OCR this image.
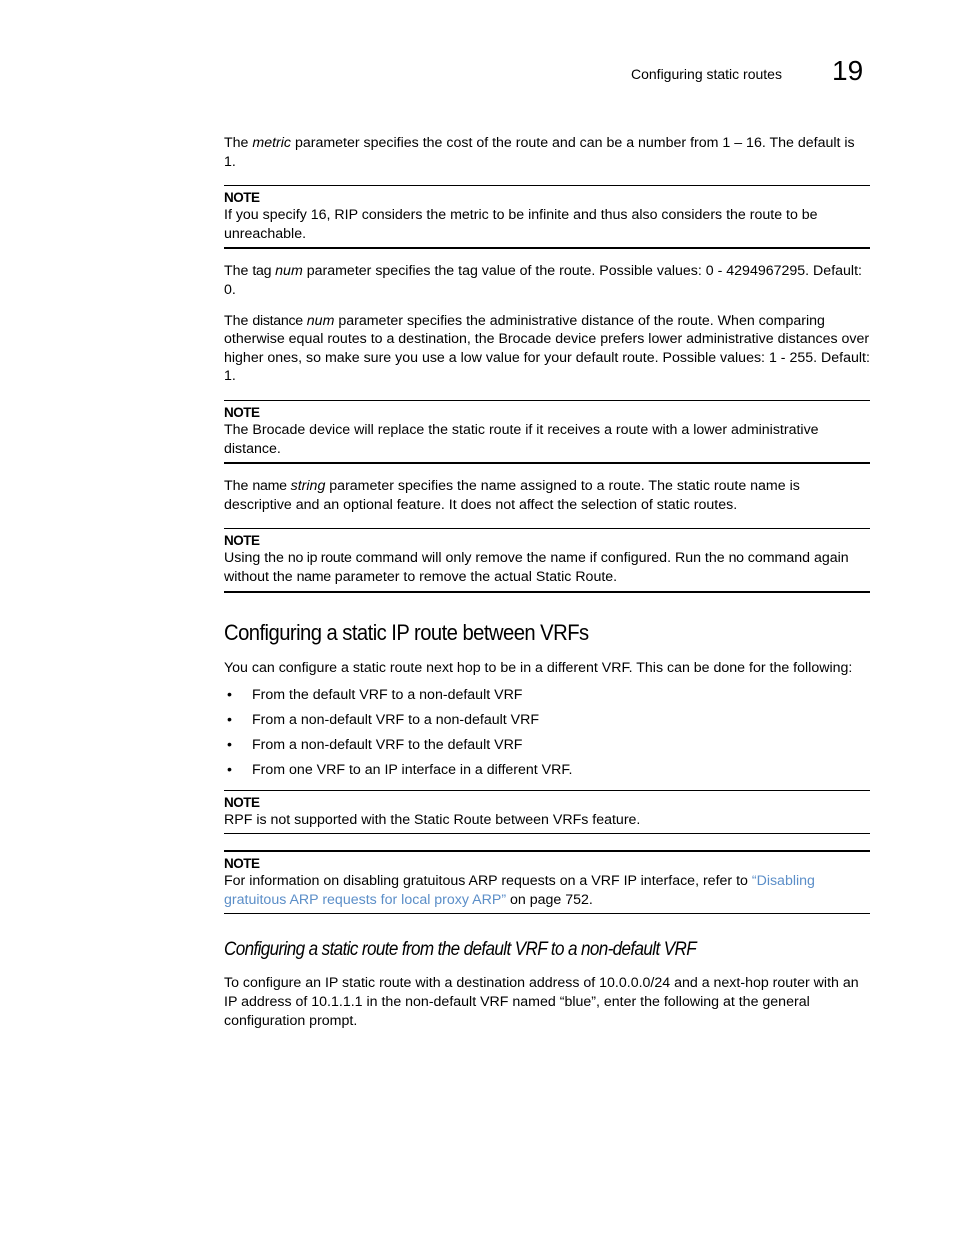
Configuring static routes 19

The metric parameter specifies the cost of the route and can be a number from 1 – 16. The default is 1.

NOTE

If you specify 16, RIP considers the metric to be infinite and thus also considers the route to be unreachable.

The tag num parameter specifies the tag value of the route. Possible values: 0 - 4294967295. Default: 0.

The distance num parameter specifies the administrative distance of the route. When comparing otherwise equal routes to a destination, the Brocade device prefers lower administrative distances over higher ones, so make sure you use a low value for your default route. Possible values: 1 - 255. Default: 1.

NOTE

The Brocade device will replace the static route if it receives a route with a lower administrative distance.

The name string parameter specifies the name assigned to a route. The static route name is descriptive and an optional feature. It does not affect the selection of static routes.

NOTE

Using the no ip route command will only remove the name if configured. Run the no command again without the name parameter to remove the actual Static Route.

Configuring a static IP route between VRFs

You can configure a static route next hop to be in a different VRF. This can be done for the following:

• From the default VRF to a non-default VRF
• From a non-default VRF to a non-default VRF
• From a non-default VRF to the default VRF
• From one VRF to an IP interface in a different VRF.
NOTE

RPF is not supported with the Static Route between VRFs feature.

NOTE

For information on disabling gratuitous ARP requests on a VRF IP interface, refer to “Disabling gratuitous ARP requests for local proxy ARP” on page 752.

Configuring a static route from the default VRF to a non-default VRF

To configure an IP static route with a destination address of 10.0.0.0/24 and a next-hop router with an IP address of 10.1.1.1 in the non-default VRF named “blue”, enter the following at the general configuration prompt.
